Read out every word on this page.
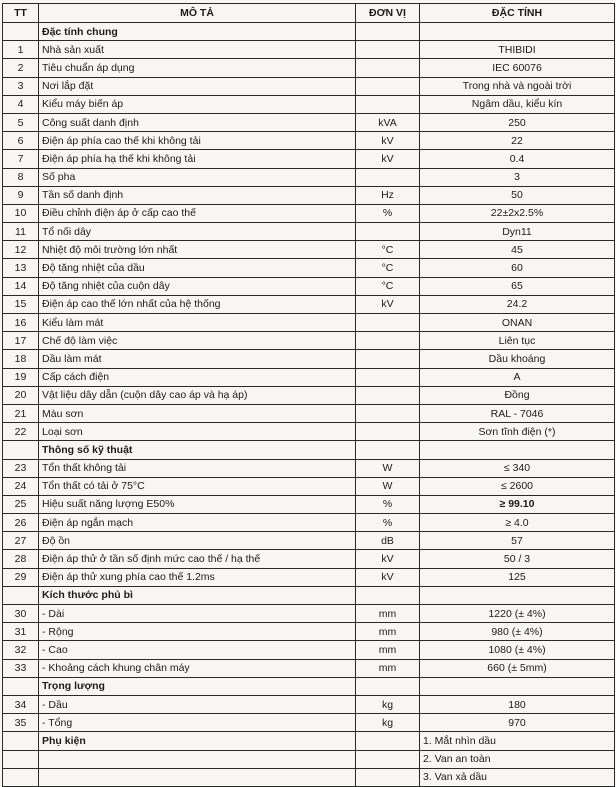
TT	MÔ TẢ	ĐƠN VỊ	ĐẶC TÍNH
	Đặc tính chung		
1	Nhà sản xuất		THIBIDI
2	Tiêu chuẩn áp dụng		IEC 60076
3	Nơi lắp đặt		Trong nhà và ngoài trời
4	Kiểu máy biến áp		Ngâm dầu, kiểu kín
5	Công suất danh định	kVA	250
6	Điện áp phía cao thế khi không tải	kV	22
7	Điện áp phía hạ thế khi không tải	kV	0.4
8	Số pha		3
9	Tần số danh định	Hz	50
10	Điều chỉnh điện áp ở cấp cao thế	%	22±2x2.5%
11	Tổ nối dây		Dyn11
12	Nhiệt độ môi trường lớn nhất	°C	45
13	Độ tăng nhiệt của dầu	°C	60
14	Độ tăng nhiệt của cuộn dây	°C	65
15	Điện áp cao thế lớn nhất của hệ thống	kV	24.2
16	Kiểu làm mát		ONAN
17	Chế độ làm việc		Liên tục
18	Dầu làm mát		Dầu khoáng
19	Cấp cách điện		A
20	Vật liệu dây dẫn (cuộn dây cao áp và hạ áp)		Đồng
21	Màu sơn		RAL - 7046
22	Loại sơn		Sơn tĩnh điện (*)
	Thông số kỹ thuật		
23	Tổn thất không tải	W	≤ 340
24	Tổn thất có tải ở 75°C	W	≤ 2600
25	Hiệu suất năng lượng E50%	%	≥ 99.10
26	Điện áp ngắn mạch	%	≥ 4.0
27	Độ ồn	dB	57
28	Điện áp thử ở tần số định mức cao thế / hạ thế	kV	50 / 3
29	Điện áp thử xung phía cao thế 1.2ms	kV	125
	Kích thước phủ bì		
30	- Dài	mm	1220 (± 4%)
31	- Rộng	mm	980 (± 4%)
32	- Cao	mm	1080 (± 4%)
33	- Khoảng cách khung chân máy	mm	660 (± 5mm)
	Trọng lượng		
34	- Dầu	kg	180
35	- Tổng	kg	970
	Phụ kiện		1. Mắt nhìn dầu
			2. Van an toàn
			3. Van xả dầu
